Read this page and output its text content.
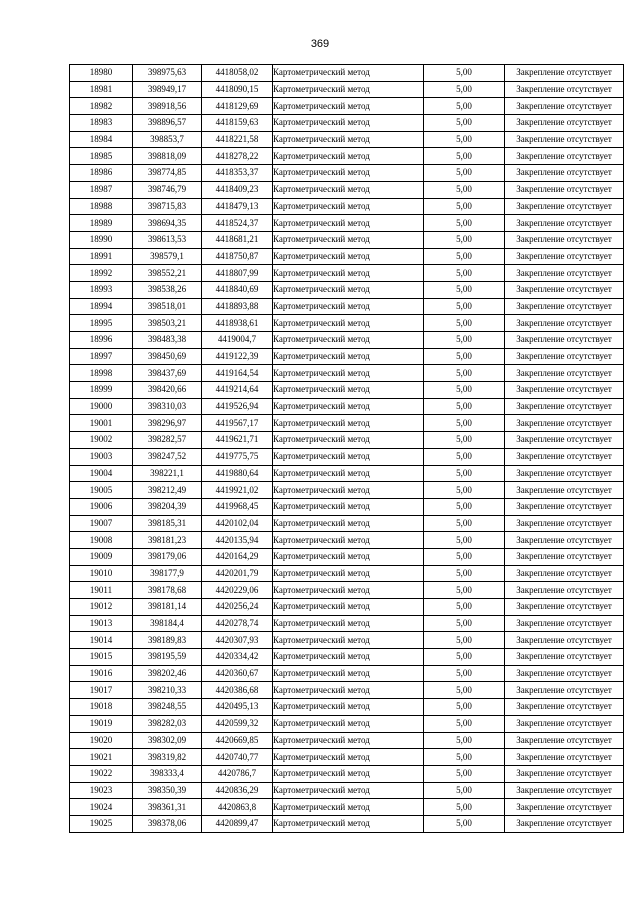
369
18980	398975,63	4418058,02	Картометрический метод	5,00	Закрепление отсутствует
18981	398949,17	4418090,15	Картометрический метод	5,00	Закрепление отсутствует
18982	398918,56	4418129,69	Картометрический метод	5,00	Закрепление отсутствует
18983	398896,57	4418159,63	Картометрический метод	5,00	Закрепление отсутствует
18984	398853,7	4418221,58	Картометрический метод	5,00	Закрепление отсутствует
18985	398818,09	4418278,22	Картометрический метод	5,00	Закрепление отсутствует
18986	398774,85	4418353,37	Картометрический метод	5,00	Закрепление отсутствует
18987	398746,79	4418409,23	Картометрический метод	5,00	Закрепление отсутствует
18988	398715,83	4418479,13	Картометрический метод	5,00	Закрепление отсутствует
18989	398694,35	4418524,37	Картометрический метод	5,00	Закрепление отсутствует
18990	398613,53	4418681,21	Картометрический метод	5,00	Закрепление отсутствует
18991	398579,1	4418750,87	Картометрический метод	5,00	Закрепление отсутствует
18992	398552,21	4418807,99	Картометрический метод	5,00	Закрепление отсутствует
18993	398538,26	4418840,69	Картометрический метод	5,00	Закрепление отсутствует
18994	398518,01	4418893,88	Картометрический метод	5,00	Закрепление отсутствует
18995	398503,21	4418938,61	Картометрический метод	5,00	Закрепление отсутствует
18996	398483,38	4419004,7	Картометрический метод	5,00	Закрепление отсутствует
18997	398450,69	4419122,39	Картометрический метод	5,00	Закрепление отсутствует
18998	398437,69	4419164,54	Картометрический метод	5,00	Закрепление отсутствует
18999	398420,66	4419214,64	Картометрический метод	5,00	Закрепление отсутствует
19000	398310,03	4419526,94	Картометрический метод	5,00	Закрепление отсутствует
19001	398296,97	4419567,17	Картометрический метод	5,00	Закрепление отсутствует
19002	398282,57	4419621,71	Картометрический метод	5,00	Закрепление отсутствует
19003	398247,52	4419775,75	Картометрический метод	5,00	Закрепление отсутствует
19004	398221,1	4419880,64	Картометрический метод	5,00	Закрепление отсутствует
19005	398212,49	4419921,02	Картометрический метод	5,00	Закрепление отсутствует
19006	398204,39	4419968,45	Картометрический метод	5,00	Закрепление отсутствует
19007	398185,31	4420102,04	Картометрический метод	5,00	Закрепление отсутствует
19008	398181,23	4420135,94	Картометрический метод	5,00	Закрепление отсутствует
19009	398179,06	4420164,29	Картометрический метод	5,00	Закрепление отсутствует
19010	398177,9	4420201,79	Картометрический метод	5,00	Закрепление отсутствует
19011	398178,68	4420229,06	Картометрический метод	5,00	Закрепление отсутствует
19012	398181,14	4420256,24	Картометрический метод	5,00	Закрепление отсутствует
19013	398184,4	4420278,74	Картометрический метод	5,00	Закрепление отсутствует
19014	398189,83	4420307,93	Картометрический метод	5,00	Закрепление отсутствует
19015	398195,59	4420334,42	Картометрический метод	5,00	Закрепление отсутствует
19016	398202,46	4420360,67	Картометрический метод	5,00	Закрепление отсутствует
19017	398210,33	4420386,68	Картометрический метод	5,00	Закрепление отсутствует
19018	398248,55	4420495,13	Картометрический метод	5,00	Закрепление отсутствует
19019	398282,03	4420599,32	Картометрический метод	5,00	Закрепление отсутствует
19020	398302,09	4420669,85	Картометрический метод	5,00	Закрепление отсутствует
19021	398319,82	4420740,77	Картометрический метод	5,00	Закрепление отсутствует
19022	398333,4	4420786,7	Картометрический метод	5,00	Закрепление отсутствует
19023	398350,39	4420836,29	Картометрический метод	5,00	Закрепление отсутствует
19024	398361,31	4420863,8	Картометрический метод	5,00	Закрепление отсутствует
19025	398378,06	4420899,47	Картометрический метод	5,00	Закрепление отсутствует
